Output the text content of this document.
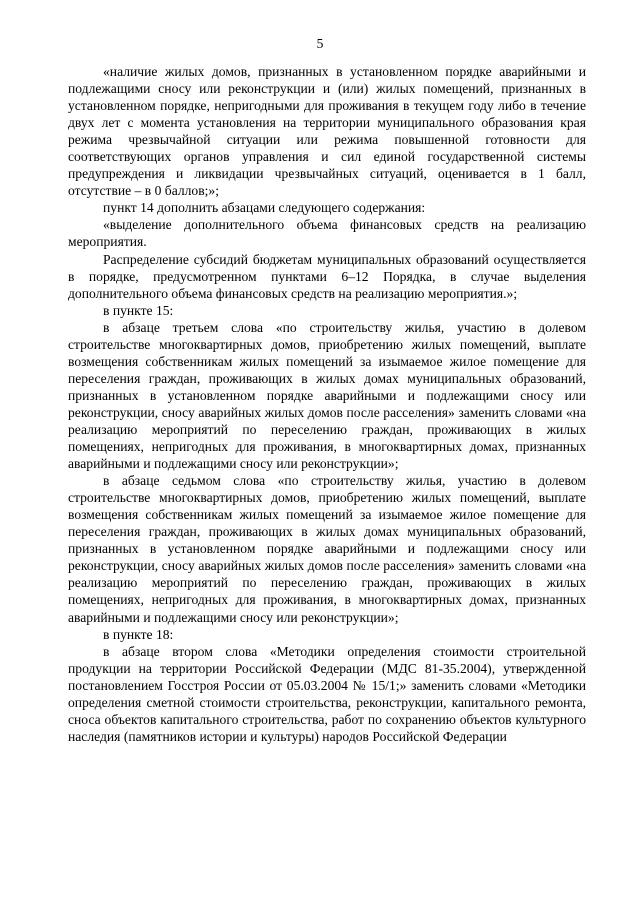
5

«наличие жилых домов, признанных в установленном порядке аварийными и подлежащими сносу или реконструкции и (или) жилых помещений, признанных в установленном порядке, непригодными для проживания в текущем году либо в течение двух лет с момента установления на территории муниципального образования края режима чрезвычайной ситуации или режима повышенной готовности для соответствующих органов управления и сил единой государственной системы предупреждения и ликвидации чрезвычайных ситуаций, оценивается в 1 балл, отсутствие – в 0 баллов;»;

пункт 14 дополнить абзацами следующего содержания:

«выделение дополнительного объема финансовых средств на реализацию мероприятия.

Распределение субсидий бюджетам муниципальных образований осуществляется в порядке, предусмотренном пунктами 6–12 Порядка, в случае выделения дополнительного объема финансовых средств на реализацию мероприятия.»;

в пункте 15:

в абзаце третьем слова «по строительству жилья, участию в долевом строительстве многоквартирных домов, приобретению жилых помещений, выплате возмещения собственникам жилых помещений за изымаемое жилое помещение для переселения граждан, проживающих в жилых домах муниципальных образований, признанных в установленном порядке аварийными и подлежащими сносу или реконструкции, сносу аварийных жилых домов после расселения» заменить словами «на реализацию мероприятий по переселению граждан, проживающих в жилых помещениях, непригодных для проживания, в многоквартирных домах, признанных аварийными и подлежащими сносу или реконструкции»;

в абзаце седьмом слова «по строительству жилья, участию в долевом строительстве многоквартирных домов, приобретению жилых помещений, выплате возмещения собственникам жилых помещений за изымаемое жилое помещение для переселения граждан, проживающих в жилых домах муниципальных образований, признанных в установленном порядке аварийными и подлежащими сносу или реконструкции, сносу аварийных жилых домов после расселения» заменить словами «на реализацию мероприятий по переселению граждан, проживающих в жилых помещениях, непригодных для проживания, в многоквартирных домах, признанных аварийными и подлежащими сносу или реконструкции»;

в пункте 18:

в абзаце втором слова «Методики определения стоимости строительной продукции на территории Российской Федерации (МДС 81-35.2004), утвержденной постановлением Госстроя России от 05.03.2004 № 15/1;» заменить словами «Методики определения сметной стоимости строительства, реконструкции, капитального ремонта, сноса объектов капитального строительства, работ по сохранению объектов культурного наследия (памятников истории и культуры) народов Российской Федерации
